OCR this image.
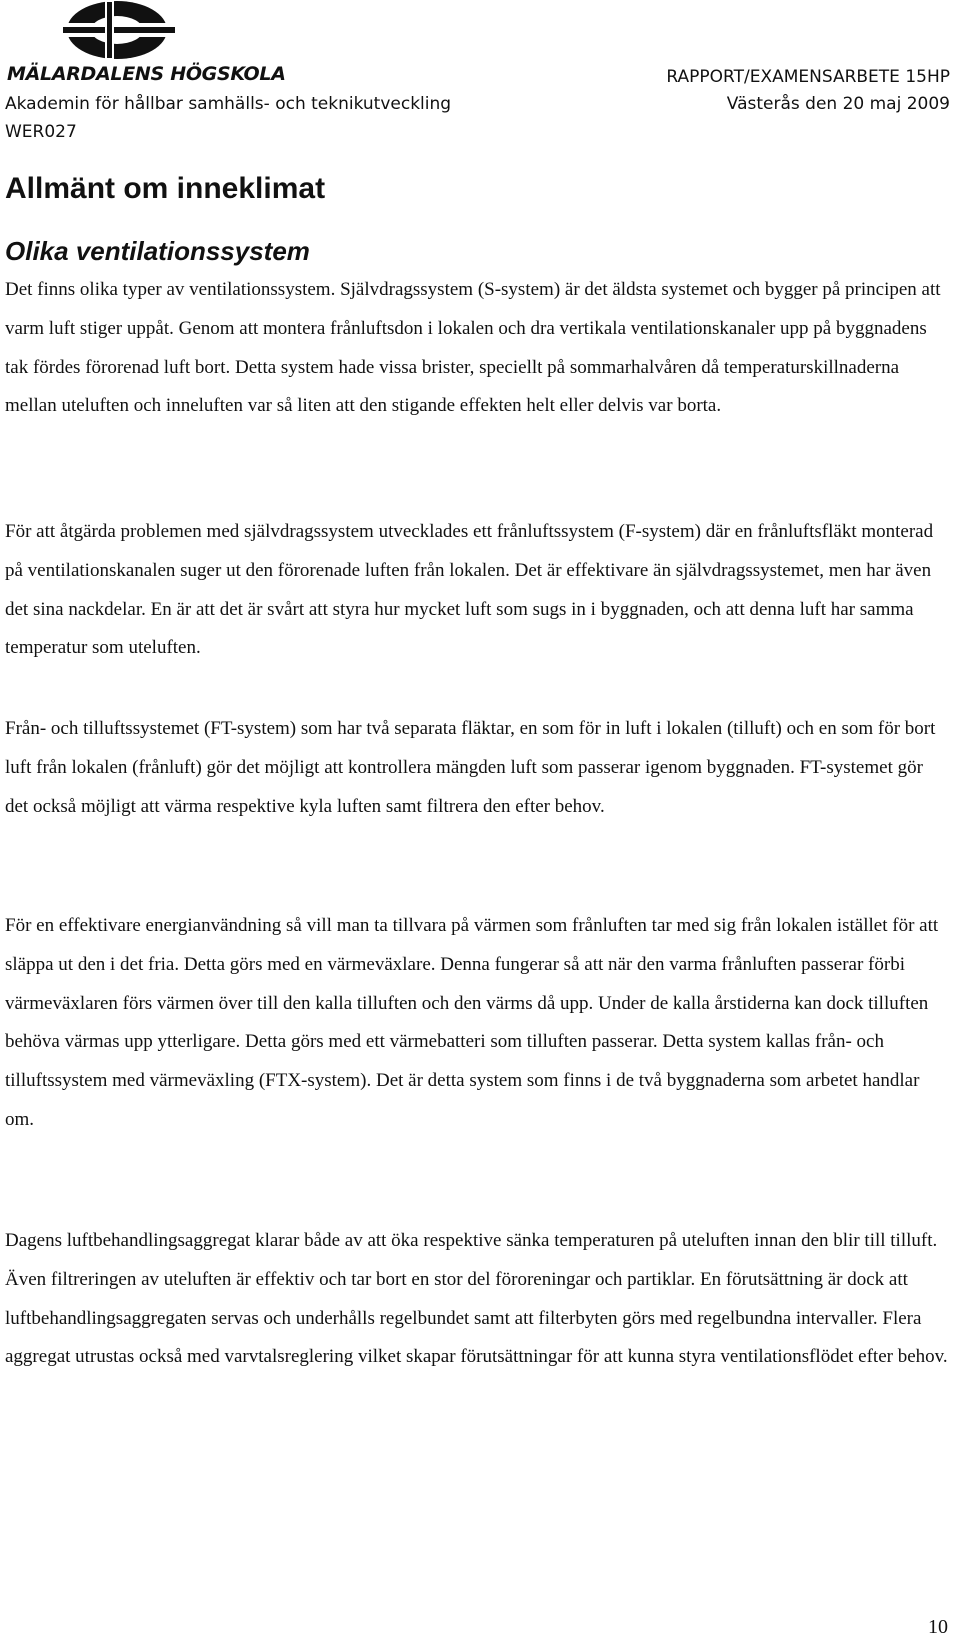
MÄLARDALENS HÖGSKOLA
Akademin för hållbar samhälls- och teknikutveckling
WER027
RAPPORT/EXAMENSARBETE 15HP
Västerås den 20 maj 2009
Allmänt om inneklimat
Olika ventilationssystem

Det finns olika typer av ventilationssystem. Självdragssystem (S-system) är det äldsta systemet och bygger på principen att varm luft stiger uppåt. Genom att montera frånluftsdon i lokalen och dra vertikala ventilationskanaler upp på byggnadens tak fördes förorenad luft bort. Detta system hade vissa brister, speciellt på sommarhalvåren då temperaturskillnaderna mellan uteluften och inneluften var så liten att den stigande effekten helt eller delvis var borta.

För att åtgärda problemen med självdragssystem utvecklades ett frånluftssystem (F-system) där en frånluftsfläkt monterad på ventilationskanalen suger ut den förorenade luften från lokalen. Det är effektivare än självdragssystemet, men har även det sina nackdelar. En är att det är svårt att styra hur mycket luft som sugs in i byggnaden, och att denna luft har samma temperatur som uteluften.

Från- och tilluftssystemet (FT-system) som har två separata fläktar, en som för in luft i lokalen (tilluft) och en som för bort luft från lokalen (frånluft) gör det möjligt att kontrollera mängden luft som passerar igenom byggnaden. FT-systemet gör det också möjligt att värma respektive kyla luften samt filtrera den efter behov.

För en effektivare energianvändning så vill man ta tillvara på värmen som frånluften tar med sig från lokalen istället för att släppa ut den i det fria. Detta görs med en värmeväxlare. Denna fungerar så att när den varma frånluften passerar förbi värmeväxlaren förs värmen över till den kalla tilluften och den värms då upp. Under de kalla årstiderna kan dock tilluften behöva värmas upp ytterligare. Detta görs med ett värmebatteri som tilluften passerar. Detta system kallas från- och tilluftssystem med värmeväxling (FTX-system). Det är detta system som finns i de två byggnaderna som arbetet handlar om.

Dagens luftbehandlingsaggregat klarar både av att öka respektive sänka temperaturen på uteluften innan den blir till tilluft. Även filtreringen av uteluften är effektiv och tar bort en stor del föroreningar och partiklar. En förutsättning är dock att luftbehandlingsaggregaten servas och underhålls regelbundet samt att filterbyten görs med regelbundna intervaller. Flera aggregat utrustas också med varvtalsreglering vilket skapar förutsättningar för att kunna styra ventilationsflödet efter behov.

10
